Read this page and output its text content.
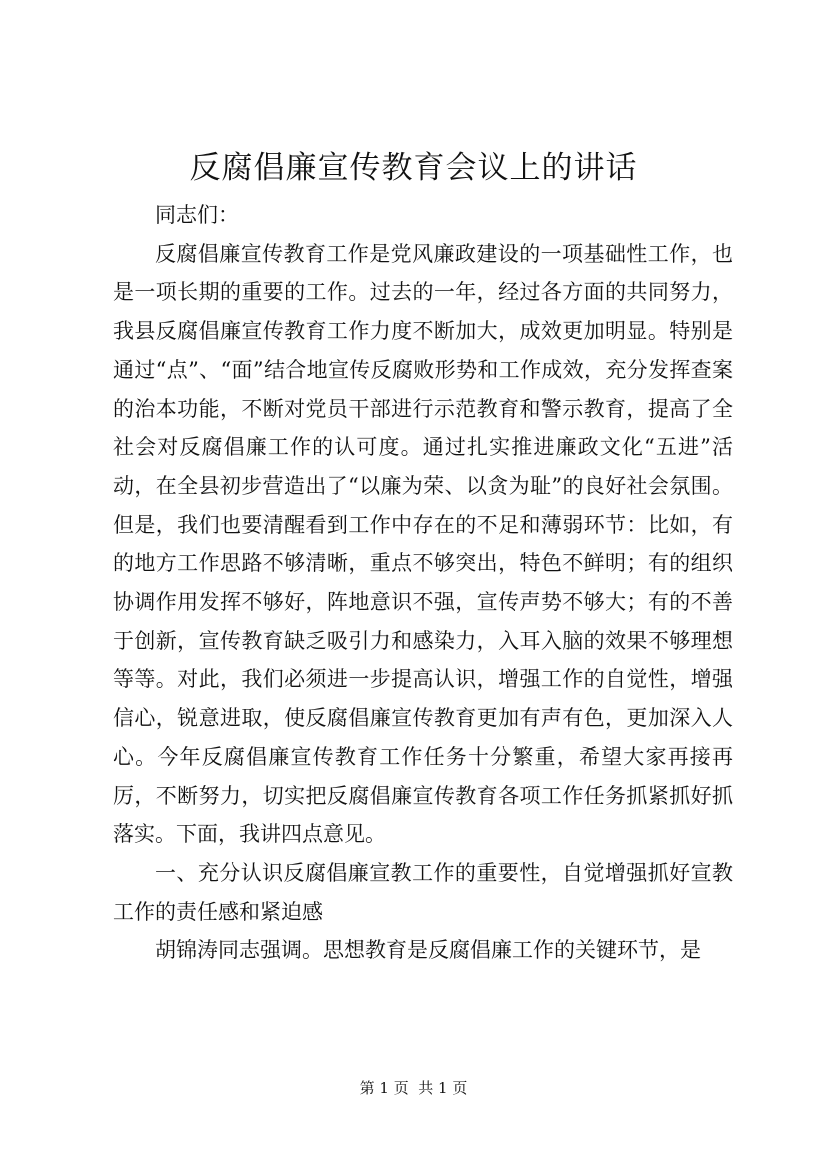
反腐倡廉宣传教育会议上的讲话

同志们：

反腐倡廉宣传教育工作是党风廉政建设的一项基础性工作，也是一项长期的重要的工作。过去的一年，经过各方面的共同努力，我县反腐倡廉宣传教育工作力度不断加大，成效更加明显。特别是通过“点”、“面”结合地宣传反腐败形势和工作成效，充分发挥查案的治本功能，不断对党员干部进行示范教育和警示教育，提高了全社会对反腐倡廉工作的认可度。通过扎实推进廉政文化“五进”活动，在全县初步营造出了“以廉为荣、以贪为耻”的良好社会氛围。但是，我们也要清醒看到工作中存在的不足和薄弱环节：比如，有的地方工作思路不够清晰，重点不够突出，特色不鲜明；有的组织协调作用发挥不够好，阵地意识不强，宣传声势不够大；有的不善于创新，宣传教育缺乏吸引力和感染力，入耳入脑的效果不够理想等等。对此，我们必须进一步提高认识，增强工作的自觉性，增强信心，锐意进取，使反腐倡廉宣传教育更加有声有色，更加深入人心。今年反腐倡廉宣传教育工作任务十分繁重，希望大家再接再厉，不断努力，切实把反腐倡廉宣传教育各项工作任务抓紧抓好抓落实。下面，我讲四点意见。

一、充分认识反腐倡廉宣教工作的重要性，自觉增强抓好宣教工作的责任感和紧迫感

胡锦涛同志强调。思想教育是反腐倡廉工作的关键环节，是

第 1 页  共 1 页
